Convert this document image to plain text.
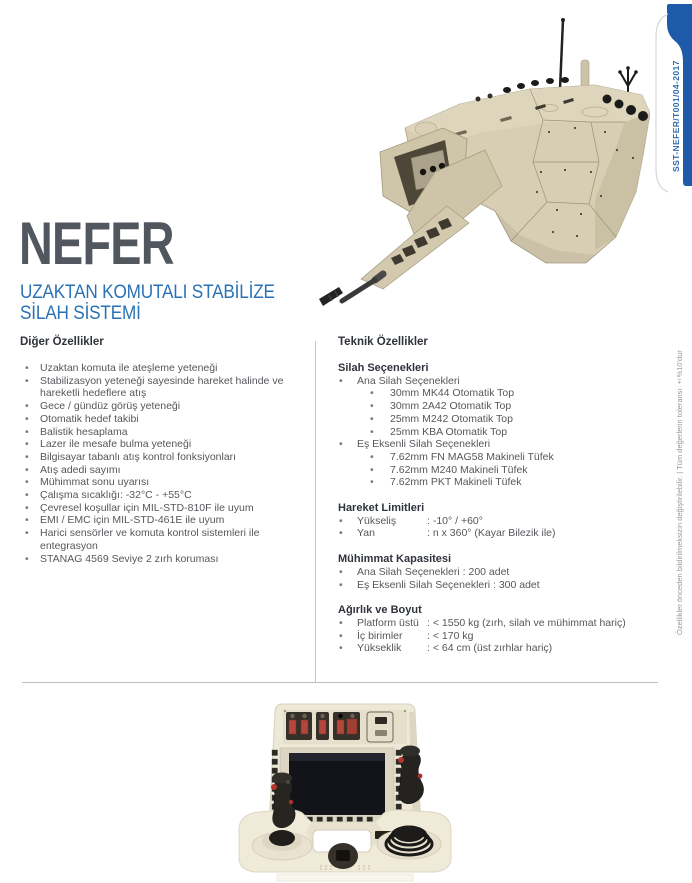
SST-NEFER/T001/04-2017
Özellikler önceden bildirilmeksizin değiştirilebilir. | Tüm değerlerin toleransı ±%10'dur
NEFER
UZAKTAN KOMUTALI STABİLİZE
SİLAH SİSTEMİ
Diğer Özellikler
Uzaktan komuta ile ateşleme yeteneği
Stabilizasyon yeteneği sayesinde hareket halinde ve hareketli hedeflere atış
Gece / gündüz görüş yeteneği
Otomatik hedef takibi
Balistik hesaplama
Lazer ile mesafe bulma yeteneği
Bilgisayar tabanlı atış kontrol fonksiyonları
Atış adedi sayımı
Mühimmat sonu uyarısı
Çalışma sıcaklığı: -32°C - +55°C
Çevresel koşullar için MIL-STD-810F ile uyum
EMI / EMC için MIL-STD-461E ile uyum
Harici sensörler ve komuta kontrol sistemleri ile entegrasyon
STANAG 4569 Seviye 2 zırh koruması
Teknik Özellikler
Silah Seçenekleri
Ana Silah Seçenekleri
30mm MK44 Otomatik Top
30mm 2A42 Otomatik Top
25mm M242 Otomatik Top
25mm KBA Otomatik Top
Eş Eksenli Silah Seçenekleri
7.62mm FN MAG58 Makineli Tüfek
7.62mm M240 Makineli Tüfek
7.62mm PKT Makineli Tüfek
Hareket Limitleri
Yükseliş	: -10° / +60°
Yan	: n x 360° (Kayar Bilezik ile)
Mühimmat Kapasitesi
Ana Silah Seçenekleri : 200 adet
Eş Eksenli Silah Seçenekleri : 300 adet
Ağırlık ve Boyut
Platform üstü : < 1550 kg (zırh, silah ve mühimmat hariç)
İç birimler	: < 170 kg
Yükseklik	: < 64 cm (üst zırhlar hariç)
